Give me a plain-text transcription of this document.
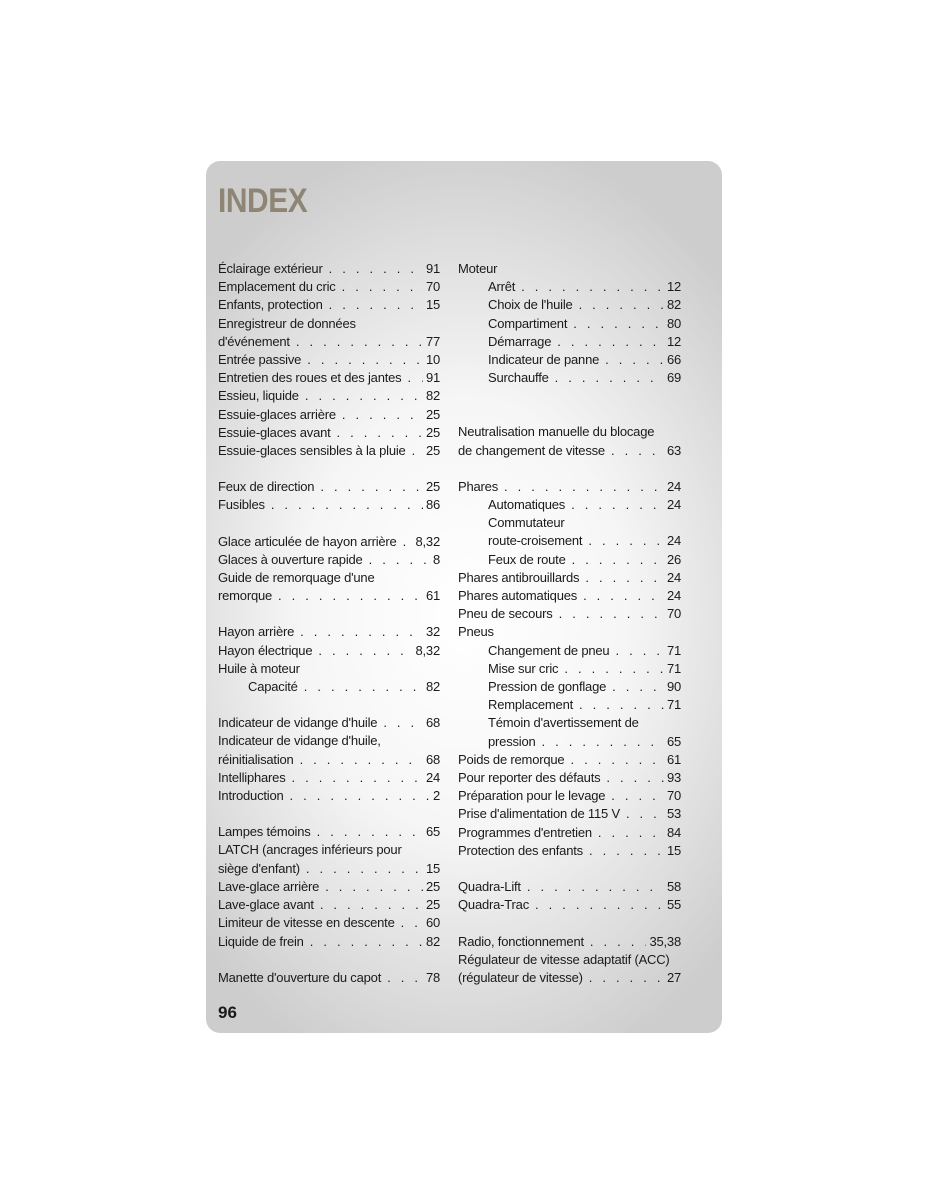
INDEX
Éclairage extérieur . . .	91
Emplacement du cric . . .	70
Enfants, protection . . .	15
Enregistreur de données
d'événement . . .	77
Entrée passive . . .	10
Entretien des roues et des jantes . . . 91
Essieu, liquide . . .	82
Essuie-glaces arrière . . .	25
Essuie-glaces avant . . .	25
Essuie-glaces sensibles à la pluie . . . 25
Feux de direction . . .	25
Fusibles . . .	86
Glace articulée de hayon arrière . . . 8,32
Glaces à ouverture rapide . . .	8
Guide de remorquage d'une
remorque . . .	61
Hayon arrière . . .	32
Hayon électrique . . .	8,32
Huile à moteur
Capacité . . .	82
Indicateur de vidange d'huile . . .	68
Indicateur de vidange d'huile,
réinitialisation . . .	68
Intelliphares . . .	24
Introduction . . .	2
Lampes témoins . . .	65
LATCH (ancrages inférieurs pour
siège d'enfant) . . .	15
Lave-glace arrière . . .	25
Lave-glace avant . . .	25
Limiteur de vitesse en descente . . . 60
Liquide de frein . . .	82
Manette d'ouverture du capot . . .	78
Moteur
Arrêt . . .	12
Choix de l'huile . . .	82
Compartiment . . .	80
Démarrage . . .	12
Indicateur de panne . . .	66
Surchauffe . . .	69
Neutralisation manuelle du blocage
de changement de vitesse . . .	63
Phares . . .	24
Automatiques . . .	24
Commutateur
route-croisement . . .	24
Feux de route . . .	26
Phares antibrouillards . . .	24
Phares automatiques . . .	24
Pneu de secours . . .	70
Pneus
Changement de pneu . . .	71
Mise sur cric . . .	71
Pression de gonflage . . .	90
Remplacement . . .	71
Témoin d'avertissement de
pression . . .	65
Poids de remorque . . .	61
Pour reporter des défauts . . .	93
Préparation pour le levage . . .	70
Prise d'alimentation de 115 V . . .	53
Programmes d'entretien . . .	84
Protection des enfants . . .	15
Quadra-Lift . . .	58
Quadra-Trac . . .	55
Radio, fonctionnement . . .	35,38
Régulateur de vitesse adaptatif (ACC)
(régulateur de vitesse) . . .	27
96
